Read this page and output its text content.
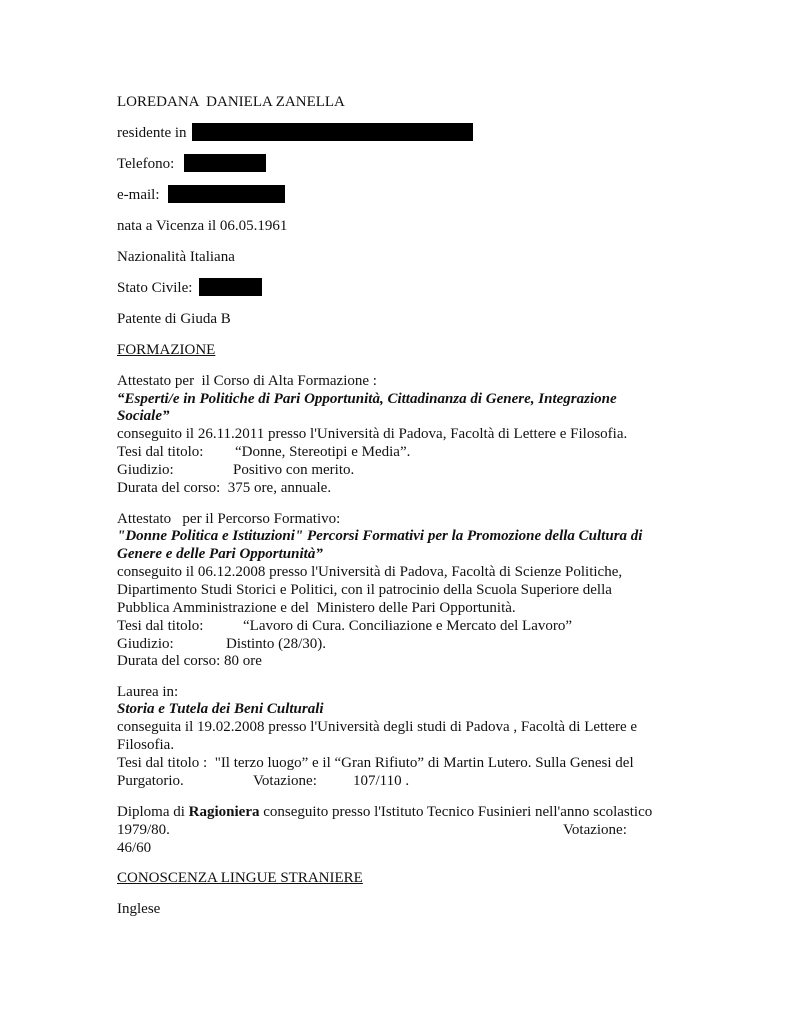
LOREDANA  DANIELA ZANELLA
residente in
Telefono:
e-mail:
nata a Vicenza il 06.05.1961
Nazionalità Italiana
Stato Civile:
Patente di Giuda B
FORMAZIONE
Attestato per  il Corso di Alta Formazione :
“Esperti/e in Politiche di Pari Opportunità, Cittadinanza di Genere, Integrazione
Sociale”
conseguito il 26.11.2011 presso l'Università di Padova, Facoltà di Lettere e Filosofia.
Tesi dal titolo: “Donne, Stereotipi e Media”.
Giudizio:	Positivo con merito.
Durata del corso:  375 ore, annuale.
Attestato   per il Percorso Formativo:
"Donne Politica e Istituzioni" Percorsi Formativi per la Promozione della Cultura di
Genere e delle Pari Opportunità”
conseguito il 06.12.2008 presso l'Università di Padova, Facoltà di Scienze Politiche,
Dipartimento Studi Storici e Politici, con il patrocinio della Scuola Superiore della
Pubblica Amministrazione e del  Ministero delle Pari Opportunità.
Tesi dal titolo:	“Lavoro di Cura. Conciliazione e Mercato del Lavoro”
Giudizio:	Distinto (28/30).
Durata del corso: 80 ore
Laurea in:
Storia e Tutela dei Beni Culturali
conseguita il 19.02.2008 presso l'Università degli studi di Padova , Facoltà di Lettere e
Filosofia.
Tesi dal titolo :  "Il terzo luogo” e il “Gran Rifiuto” di Martin Lutero. Sulla Genesi del
Purgatorio.	Votazione: 107/110 .
Diploma di Ragioniera conseguito presso l'Istituto Tecnico Fusinieri nell'anno scolastico
1979/80.	Votazione:
46/60
CONOSCENZA LINGUE STRANIERE
Inglese
